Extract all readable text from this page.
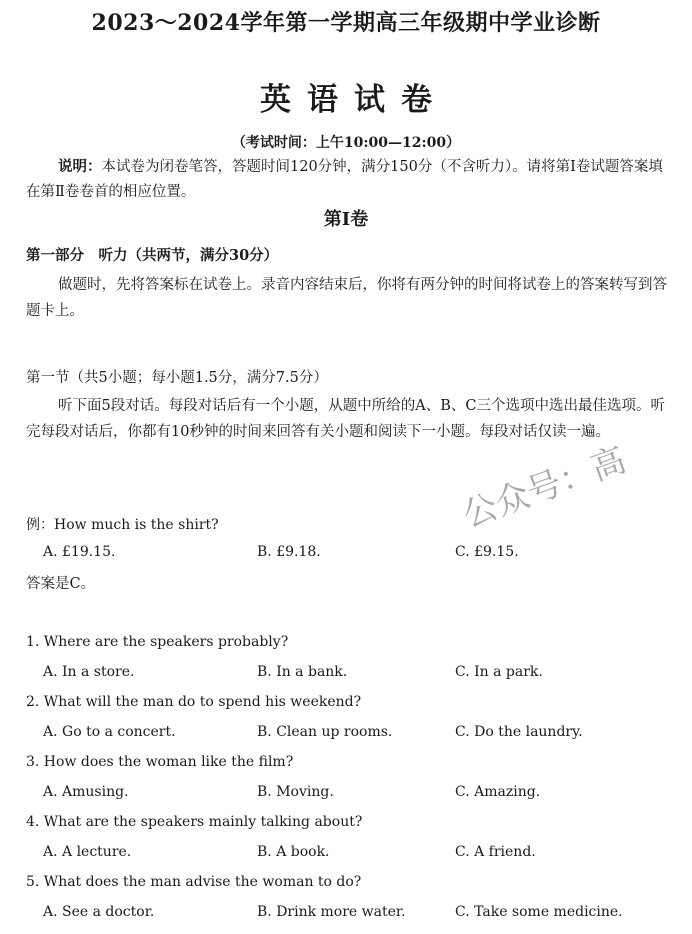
2023～2024学年第一学期高三年级期中学业诊断
英语试卷
（考试时间：上午10:00—12:00）
说明：本试卷为闭卷笔答，答题时间120分钟，满分150分（不含听力）。请将第Ⅰ卷试题答案填在第Ⅱ卷卷首的相应位置。
第Ⅰ卷
第一部分　听力（共两节，满分30分）
做题时，先将答案标在试卷上。录音内容结束后，你将有两分钟的时间将试卷上的答案转写到答题卡上。
第一节（共5小题；每小题1.5分，满分7.5分）
听下面5段对话。每段对话后有一个小题，从题中所给的A、B、C三个选项中选出最佳选项。听完每段对话后，你都有10秒钟的时间来回答有关小题和阅读下一小题。每段对话仅读一遍。
例：How much is the shirt?
A. £19.15.	B. £9.18.	C. £9.15.
答案是C。
1. Where are the speakers probably?
A. In a store.	B. In a bank.	C. In a park.
2. What will the man do to spend his weekend?
A. Go to a concert.	B. Clean up rooms.	C. Do the laundry.
3. How does the woman like the film?
A. Amusing.	B. Moving.	C. Amazing.
4. What are the speakers mainly talking about?
A. A lecture.	B. A book.	C. A friend.
5. What does the man advise the woman to do?
A. See a doctor.	B. Drink more water.	C. Take some medicine.
公众号：高
